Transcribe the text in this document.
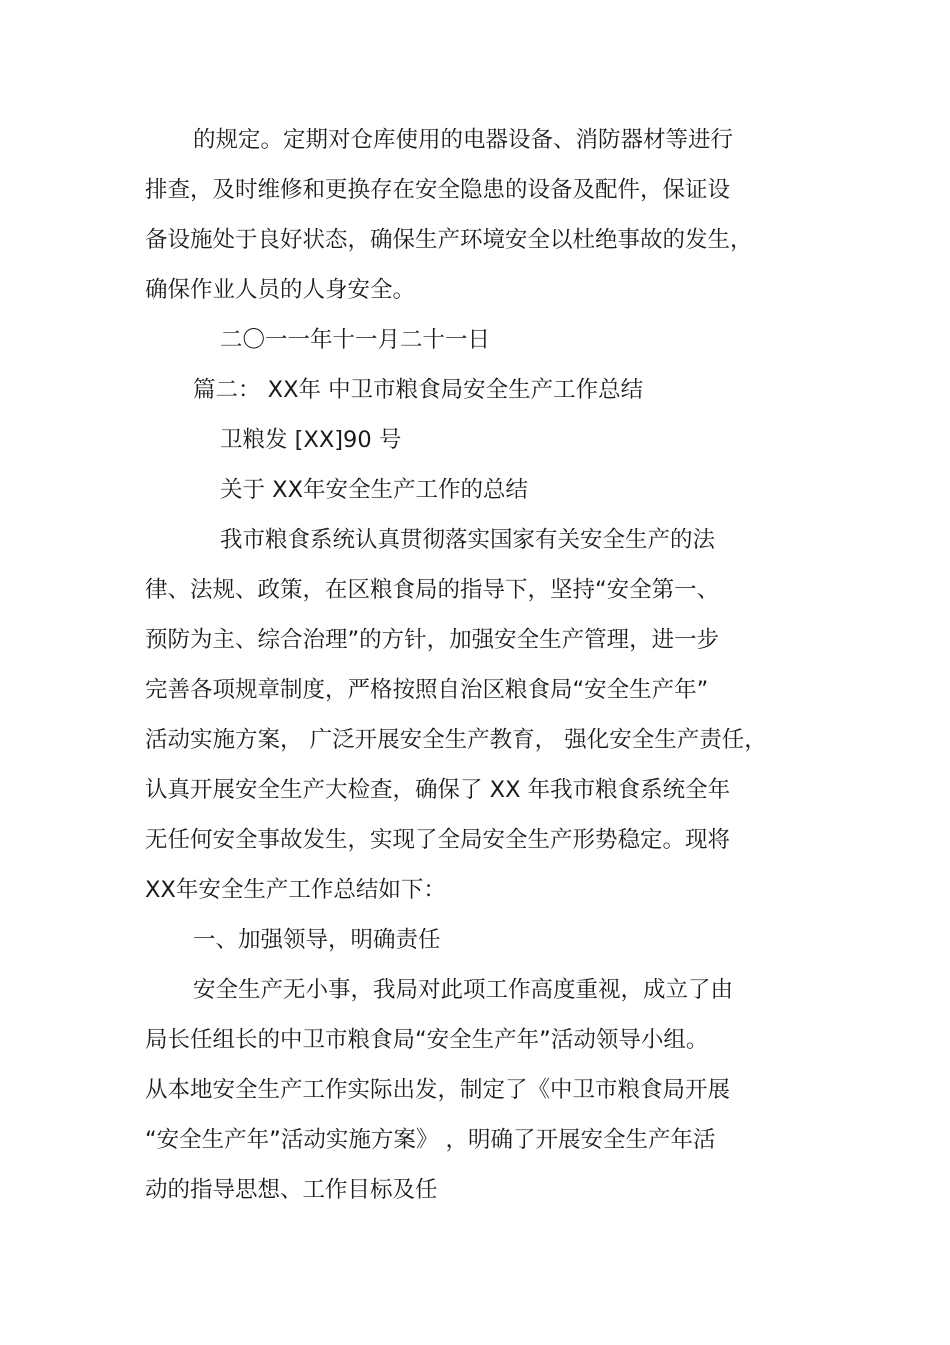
的规定。定期对仓库使用的电器设备、消防器材等进行
排查，及时维修和更换存在安全隐患的设备及配件，保证设
备设施处于良好状态，确保生产环境安全以杜绝事故的发生，
确保作业人员的人身安全。
二〇一一年十一月二十一日
篇二： XX年 中卫市粮食局安全生产工作总结
卫粮发 [XX]90 号
关于 XX年安全生产工作的总结
我市粮食系统认真贯彻落实国家有关安全生产的法
律、法规、政策，在区粮食局的指导下，坚持“安全第一、
预防为主、综合治理”的方针，加强安全生产管理，进一步
完善各项规章制度，严格按照自治区粮食局“安全生产年”
活动实施方案， 广泛开展安全生产教育， 强化安全生产责任，
认真开展安全生产大检查，确保了 XX 年我市粮食系统全年
无任何安全事故发生，实现了全局安全生产形势稳定。现将
XX年安全生产工作总结如下：
一、加强领导，明确责任
安全生产无小事，我局对此项工作高度重视，成立了由
局长任组长的中卫市粮食局“安全生产年”活动领导小组。
从本地安全生产工作实际出发，制定了《中卫市粮食局开展
“安全生产年”活动实施方案》 ，明确了开展安全生产年活
动的指导思想、工作目标及任
